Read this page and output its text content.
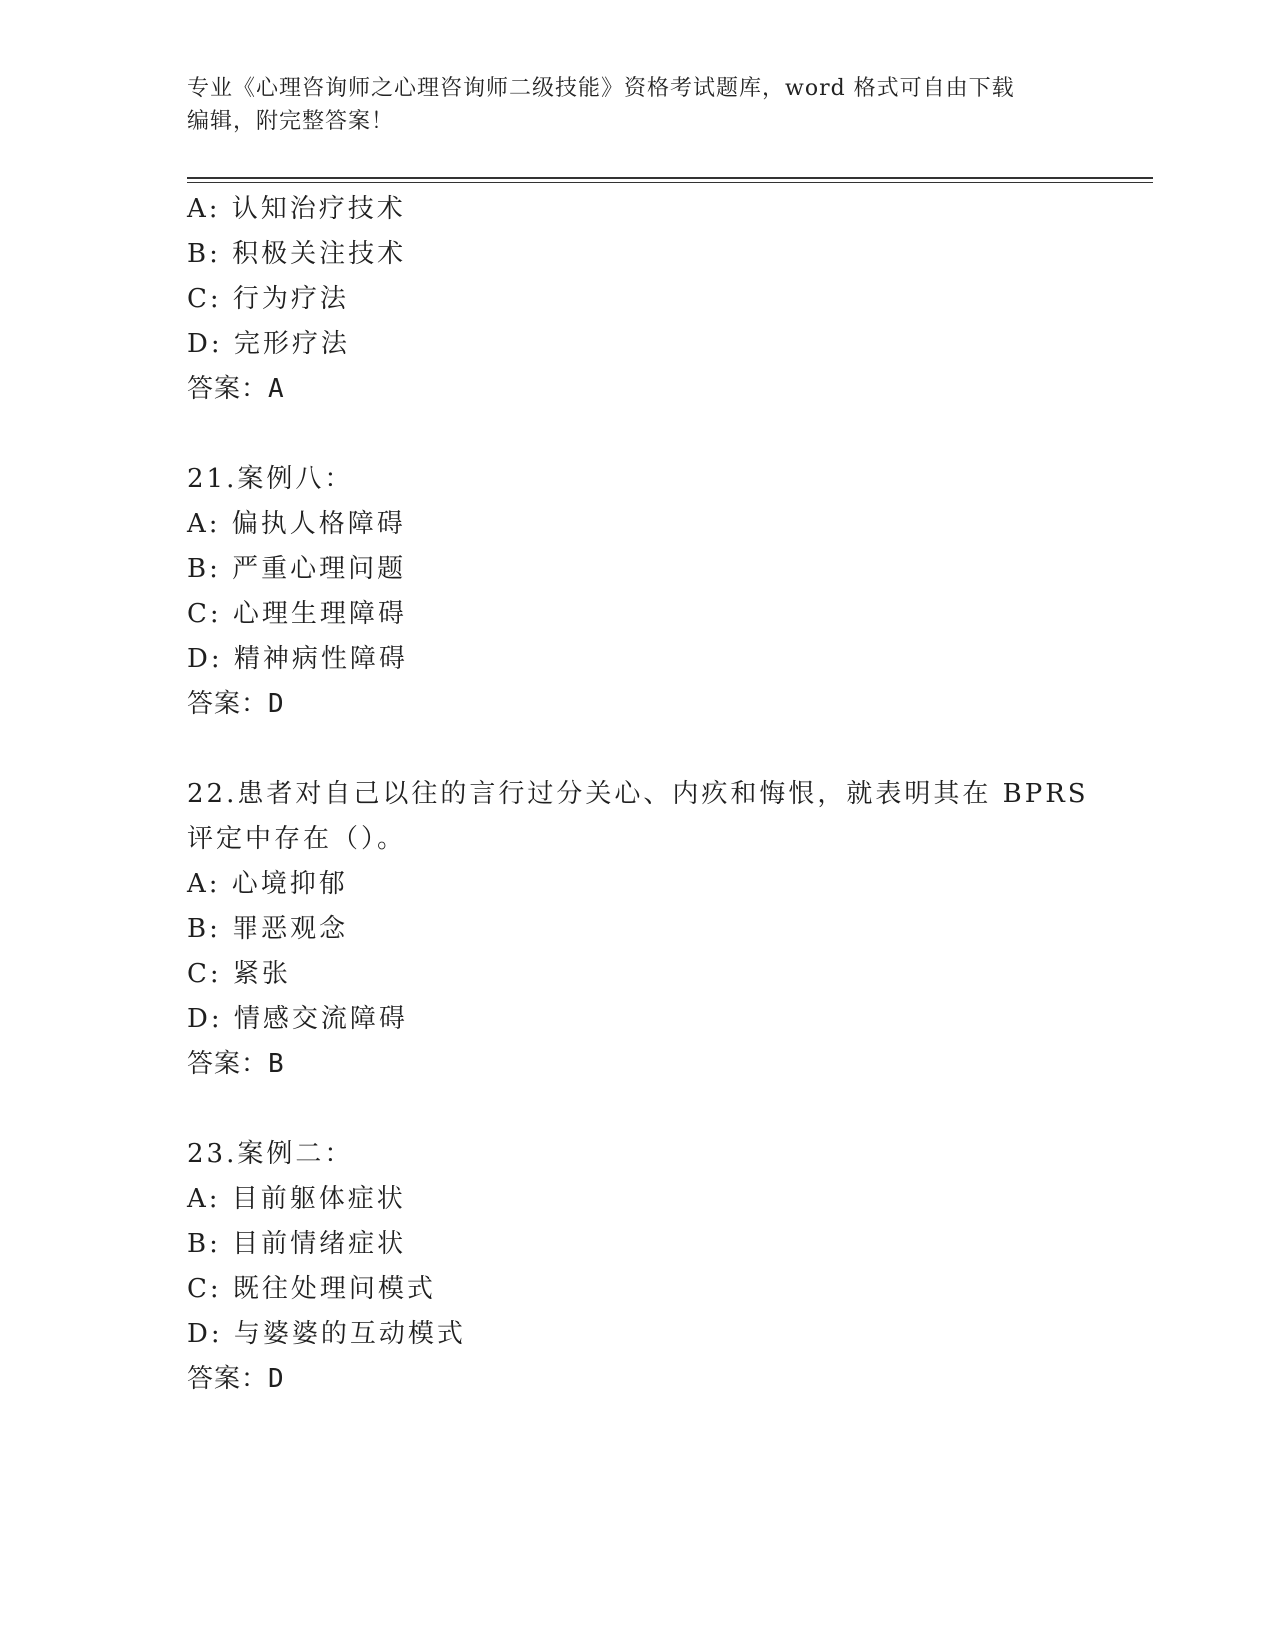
专业《心理咨询师之心理咨询师二级技能》资格考试题库，word 格式可自由下载
编辑，附完整答案！
A: 认知治疗技术
B: 积极关注技术
C: 行为疗法
D: 完形疗法
答案：A
21.案例八：
A: 偏执人格障碍
B: 严重心理问题
C: 心理生理障碍
D: 精神病性障碍
答案：D
22.患者对自己以往的言行过分关心、内疚和悔恨，就表明其在 BPRS
评定中存在（）。
A: 心境抑郁
B: 罪恶观念
C: 紧张
D: 情感交流障碍
答案：B
23.案例二：
A: 目前躯体症状
B: 目前情绪症状
C: 既往处理问模式
D: 与婆婆的互动模式
答案：D
